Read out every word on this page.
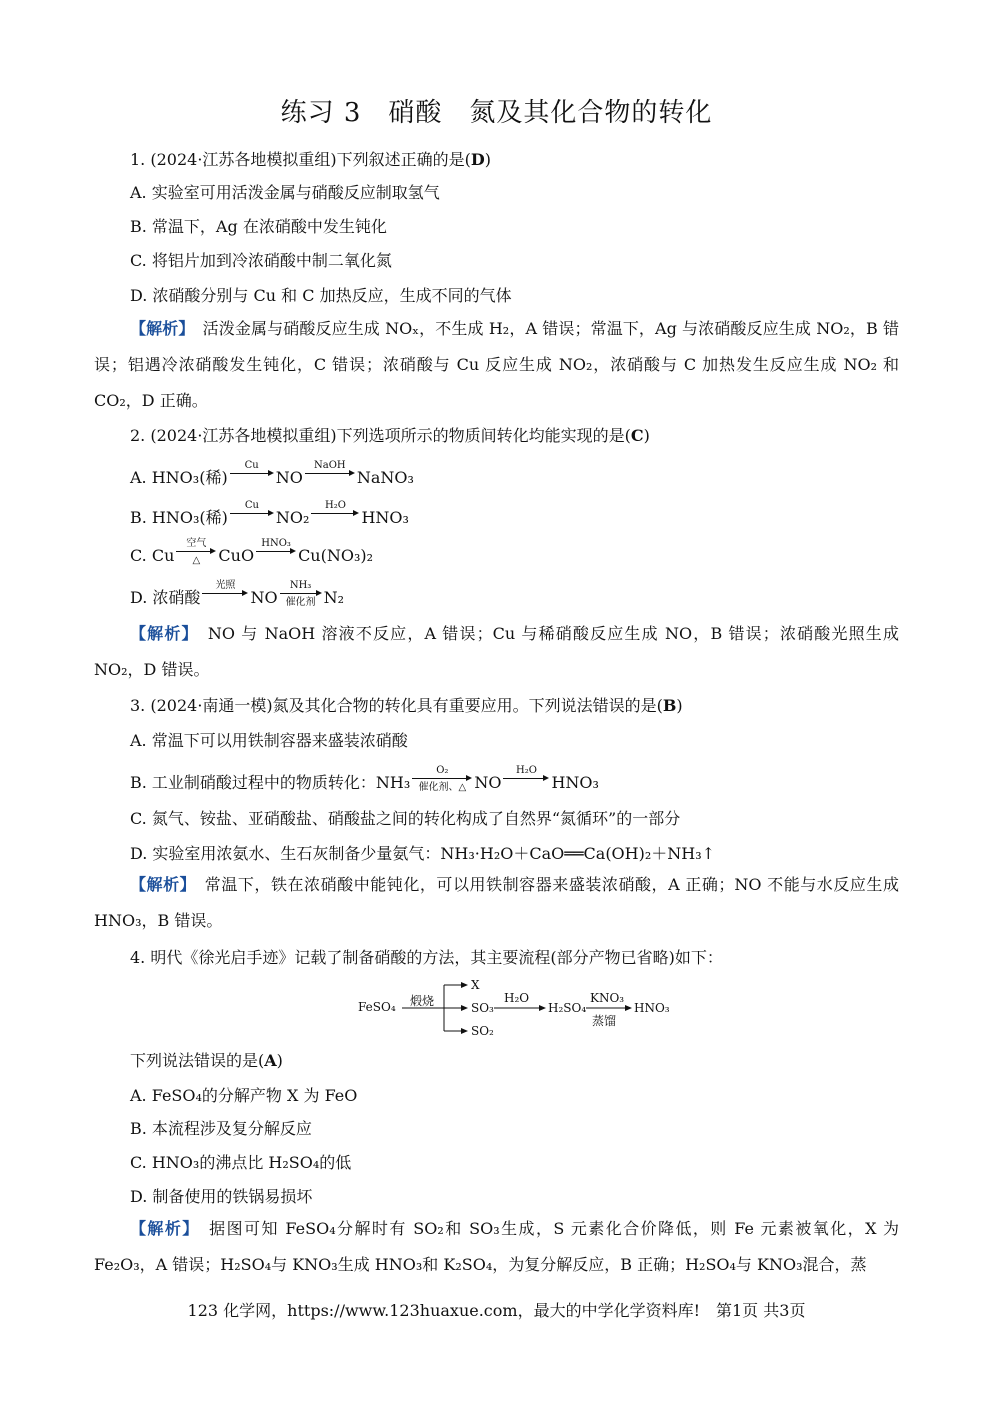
练习 3　硝酸　氮及其化合物的转化
1. (2024·江苏各地模拟重组)下列叙述正确的是(D)
A. 实验室可用活泼金属与硝酸反应制取氢气
B. 常温下，Ag 在浓硝酸中发生钝化
C. 将铝片加到冷浓硝酸中制二氧化氮
D. 浓硝酸分别与 Cu 和 C 加热反应，生成不同的气体
【解析】　 活泼金属与硝酸反应生成 NOₓ，不生成 H₂，A 错误；常温下，Ag 与浓硝酸反应生成 NO₂，B 错误；铝遇冷浓硝酸发生钝化，C 错误；浓硝酸与 Cu 反应生成 NO₂，浓硝酸与 C 加热发生反应生成 NO₂ 和 CO₂，D 正确。
2. (2024·江苏各地模拟重组)下列选项所示的物质间转化均能实现的是(C)
A. HNO₃(稀)
Cu

NO
NaOH

NaNO₃
B. HNO₃(稀)
Cu

NO₂
H₂O

HNO₃
C. Cu
空气
△	CuO
HNO₃

Cu(NO₃)₂
D. 浓硝酸
光照

NO
NH₃
催化剂 N₂
【解析】　 NO 与 NaOH 溶液不反应，A 错误；Cu 与稀硝酸反应生成 NO，B 错误；浓硝酸光照生成 NO₂，D 错误。
3. (2024·南通一模)氮及其化合物的转化具有重要应用。下列说法错误的是(B)
A. 常温下可以用铁制容器来盛装浓硝酸
B. 工业制硝酸过程中的物质转化：NH₃
O₂
催化剂、△ NO
H₂O

HNO₃
C. 氮气、铵盐、亚硝酸盐、硝酸盐之间的转化构成了自然界“氮循环”的一部分
D. 实验室用浓氨水、生石灰制备少量氨气：NH₃·H₂O＋CaO══Ca(OH)₂＋NH₃↑
【解析】　 常温下，铁在浓硝酸中能钝化，可以用铁制容器来盛装浓硝酸，A 正确；NO 不能与水反应生成 HNO₃，B 错误。
4. 明代《徐光启手迹》记载了制备硝酸的方法，其主要流程(部分产物已省略)如下：
FeSO₄ 煅烧
X
SO₃
SO₂
H₂O
H₂SO₄
KNO₃
蒸馏
HNO₃
下列说法错误的是(A)
A. FeSO₄的分解产物 X 为 FeO
B. 本流程涉及复分解反应
C. HNO₃的沸点比 H₂SO₄的低
D. 制备使用的铁锅易损坏
【解析】　 据图可知 FeSO₄分解时有 SO₂和 SO₃生成，S 元素化合价降低，则 Fe 元素被氧化，X 为 Fe₂O₃，A 错误；H₂SO₄与 KNO₃生成 HNO₃和 K₂SO₄，为复分解反应，B 正确；H₂SO₄与 KNO₃混合，蒸
123 化学网，https://www.123huaxue.com，最大的中学化学资料库!　第1页 共3页
